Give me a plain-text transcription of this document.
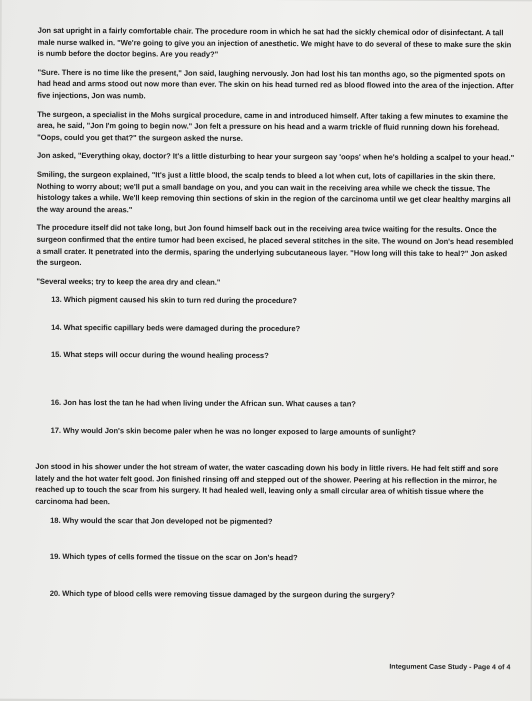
Jon sat upright in a fairly comfortable chair. The procedure room in which he sat had the sickly chemical odor of disinfectant. A tall male nurse walked in. "We're going to give you an injection of anesthetic. We might have to do several of these to make sure the skin is numb before the doctor begins. Are you ready?"

"Sure. There is no time like the present," Jon said, laughing nervously. Jon had lost his tan months ago, so the pigmented spots on had head and arms stood out now more than ever. The skin on his head turned red as blood flowed into the area of the injection. After five injections, Jon was numb.

The surgeon, a specialist in the Mohs surgical procedure, came in and introduced himself. After taking a few minutes to examine the area, he said, "Jon I'm going to begin now." Jon felt a pressure on his head and a warm trickle of fluid running down his forehead. "Oops, could you get that?" the surgeon asked the nurse.

Jon asked, "Everything okay, doctor? It's a little disturbing to hear your surgeon say 'oops' when he's holding a scalpel to your head."

Smiling, the surgeon explained, "It's just a little blood, the scalp tends to bleed a lot when cut, lots of capillaries in the skin there. Nothing to worry about; we'll put a small bandage on you, and you can wait in the receiving area while we check the tissue. The histology takes a while. We'll keep removing thin sections of skin in the region of the carcinoma until we get clear healthy margins all the way around the areas."

The procedure itself did not take long, but Jon found himself back out in the receiving area twice waiting for the results. Once the surgeon confirmed that the entire tumor had been excised, he placed several stitches in the site. The wound on Jon's head resembled a small crater. It penetrated into the dermis, sparing the underlying subcutaneous layer. "How long will this take to heal?" Jon asked the surgeon.

"Several weeks; try to keep the area dry and clean."

13. Which pigment caused his skin to turn red during the procedure?

14. What specific capillary beds were damaged during the procedure?

15. What steps will occur during the wound healing process?

16. Jon has lost the tan he had when living under the African sun. What causes a tan?

17. Why would Jon's skin become paler when he was no longer exposed to large amounts of sunlight?

Jon stood in his shower under the hot stream of water, the water cascading down his body in little rivers. He had felt stiff and sore lately and the hot water felt good. Jon finished rinsing off and stepped out of the shower. Peering at his reflection in the mirror, he reached up to touch the scar from his surgery. It had healed well, leaving only a small circular area of whitish tissue where the carcinoma had been.

18. Why would the scar that Jon developed not be pigmented?

19. Which types of cells formed the tissue on the scar on Jon's head?

20. Which type of blood cells were removing tissue damaged by the surgeon during the surgery?

Integument Case Study - Page 4 of 4
